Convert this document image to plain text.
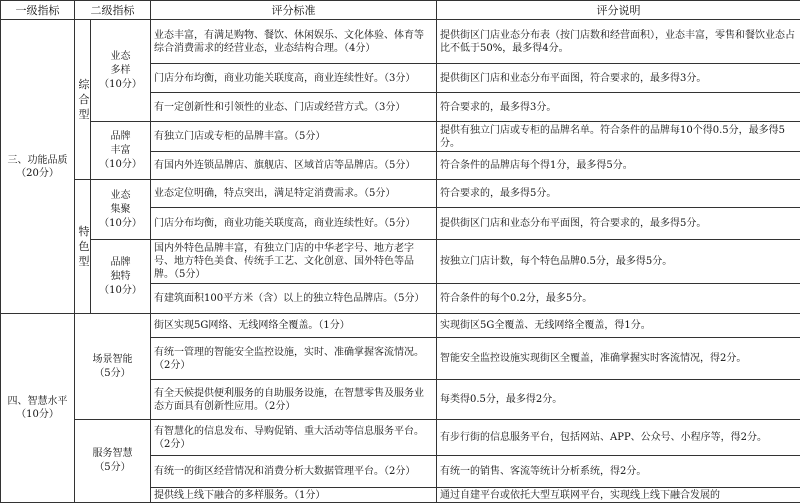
一级指标	二级指标		评分标准	评分说明
三、功能品质
（20分）	综合型	业态
多样
（10分）	业态丰富，有满足购物、餐饮、休闲娱乐、文化体验、体育等综合消费需求的经营业态，业态结构合理。（4分）	提供街区门店业态分布表（按门店数和经营面积），业态丰富，零售和餐饮业态占比不低于50%，最多得4分。
			门店分布均衡，商业功能关联度高，商业连续性好。（3分）	提供街区门店和业态分布平面图，符合要求的，最多得3分。
			有一定创新性和引领性的业态、门店或经营方式。（3分）	符合要求的，最多得3分。

		品牌
丰富
（10分）	有独立门店或专柜的品牌丰富。（5分）	提供有独立门店或专柜的品牌名单。符合条件的品牌每10个得0.5分，最多得5分。
			有国内外连锁品牌店、旗舰店、区域首店等品牌店。（5分）	符合条件的品牌店每个得1分，最多得5分。

	特色型	业态
集聚
（10分）	业态定位明确，特点突出，满足特定消费需求。（5分）	符合要求的，最多得5分。
			门店分布均衡，商业功能关联度高，商业连续性好。（5分）	提供街区门店和业态分布平面图，符合要求的，最多得5分。

		品牌
独特
（10分）	国内外特色品牌丰富，有独立门店的中华老字号、地方老字号、地方特色美食、传统手工艺、文化创意、国外特色等品牌。（5分）	按独立门店计数，每个特色品牌0.5分，最多得5分。
			有建筑面积100平方米（含）以上的独立特色品牌店。（5分）	符合条件的每个0.2分，最多5分。
四、智慧水平
（10分）	场景智能
（5分）		街区实现5G网络、无线网络全覆盖。（1分）	实现街区5G全覆盖、无线网络全覆盖，得1分。
			有统一管理的智能安全监控设施，实时、准确掌握客流情况。（2分）	智能安全监控设施实现街区全覆盖，准确掌握实时客流情况，得2分。
			有全天候提供便利服务的自助服务设施，在智慧零售及服务业态方面具有创新性应用。（2分）	每类得0.5分，最多得2分。

	服务智慧
（5分）		有智慧化的信息发布、导购促销、重大活动等信息服务平台。（2分）	有步行街的信息服务平台，包括网站、APP、公众号、小程序等，得2分。
			有统一的街区经营情况和消费分析大数据管理平台。（2分）	有统一的销售、客流等统计分析系统，得2分。
			提供线上线下融合的多样服务。（1分）	通过自建平台或依托大型互联网平台，实现线上线下融合发展的
